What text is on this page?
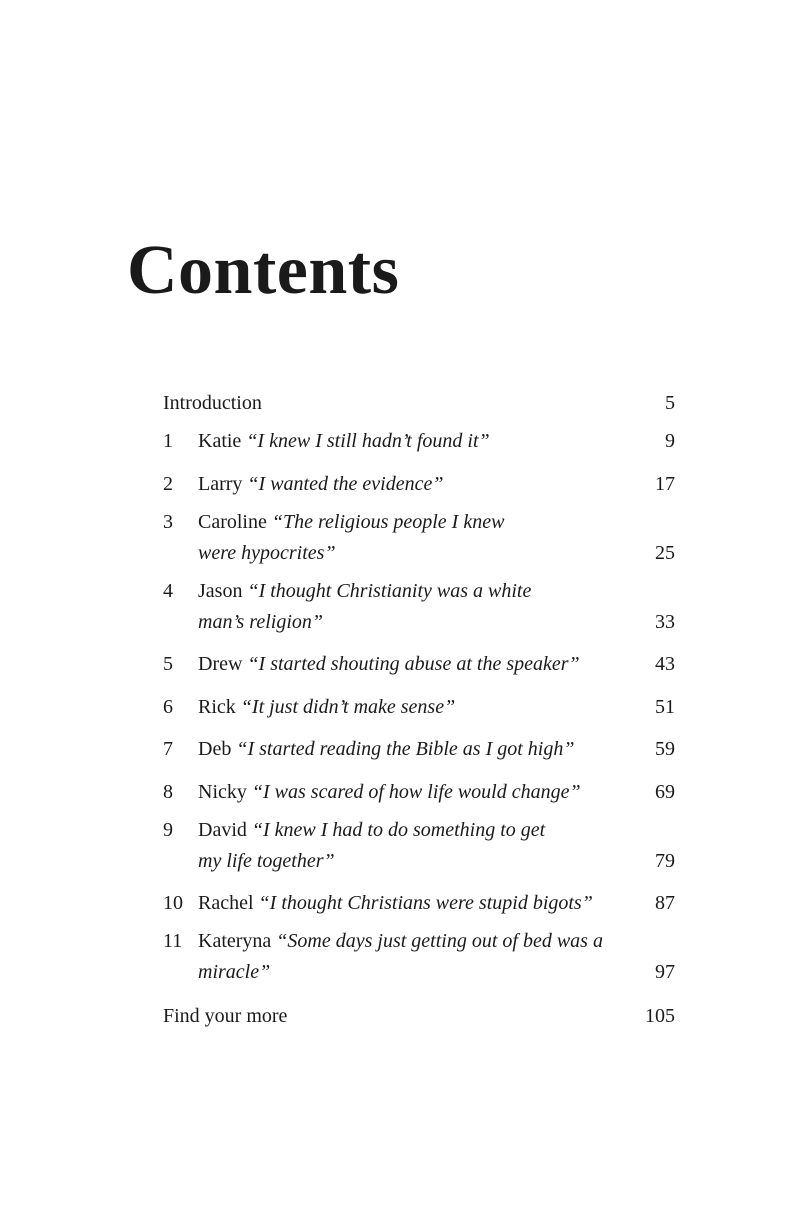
Contents
Introduction	5
1 Katie “I knew I still hadn’t found it”	9
2 Larry “I wanted the evidence”	17
3 Caroline “The religious people I knew
were hypocrites”	25
4 Jason “I thought Christianity was a white
man’s religion”	33
5 Drew “I started shouting abuse at the speaker”	43
6 Rick “It just didn’t make sense”	51
7 Deb “I started reading the Bible as I got high”	59
8 Nicky “I was scared of how life would change”	69
9 David “I knew I had to do something to get
my life together”	79
10 Rachel “I thought Christians were stupid bigots”	87
11 Kateryna “Some days just getting out of bed was a
miracle”	97
Find your more	105
